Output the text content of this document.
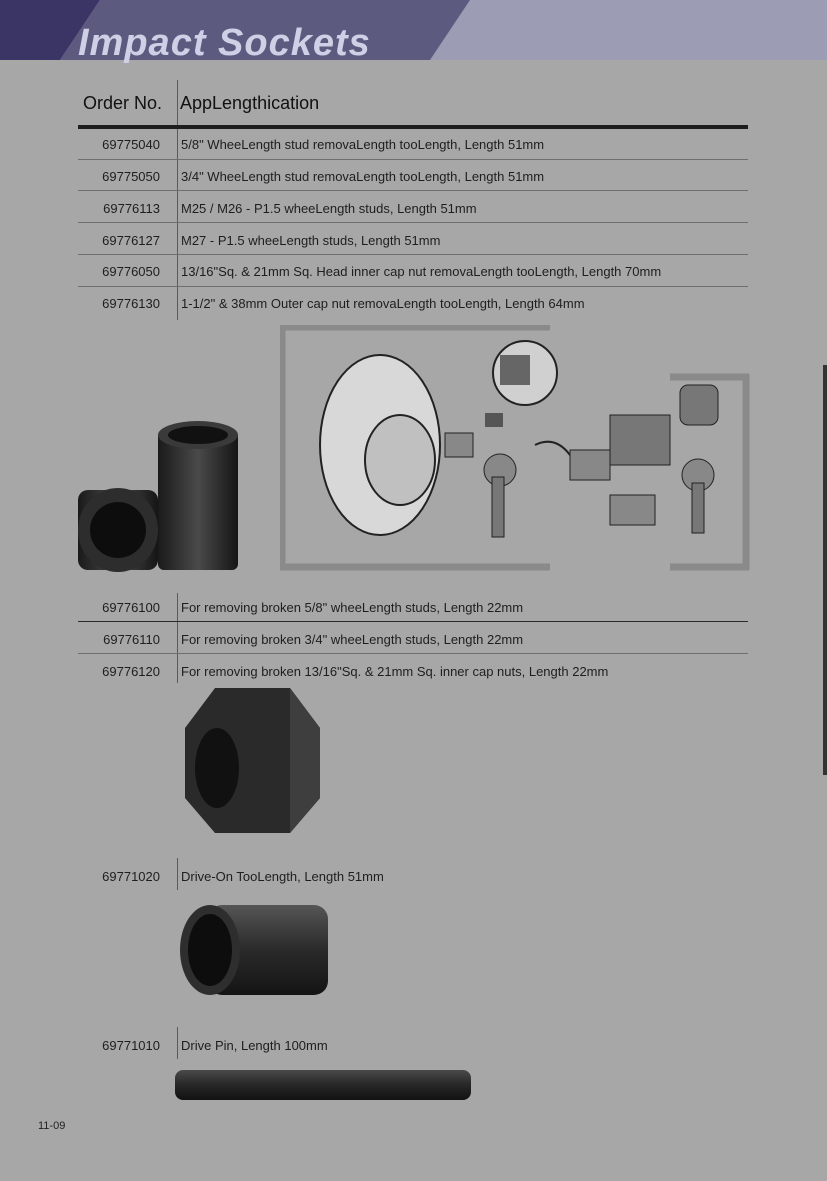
Impact Sockets
Order No. AppLengthication
69775040 5/8" WheeLength stud removaLength tooLength, Length 51mm
69775050 3/4" WheeLength stud removaLength tooLength, Length 51mm
69776113 M25 / M26 - P1.5 wheeLength studs, Length 51mm
69776127 M27 - P1.5 wheeLength studs, Length 51mm
69776050 13/16"Sq. & 21mm Sq. Head inner cap nut removaLength tooLength, Length 70mm
69776130 1-1/2" & 38mm Outer cap nut removaLength tooLength, Length 64mm
69776100 For removing broken 5/8" wheeLength studs, Length 22mm
69776110 For removing broken 3/4" wheeLength studs, Length 22mm
69776120 For removing broken 13/16"Sq. & 21mm Sq. inner cap nuts, Length 22mm
69771020 Drive-On TooLength, Length 51mm
69771010 Drive Pin, Length 100mm
11-09
